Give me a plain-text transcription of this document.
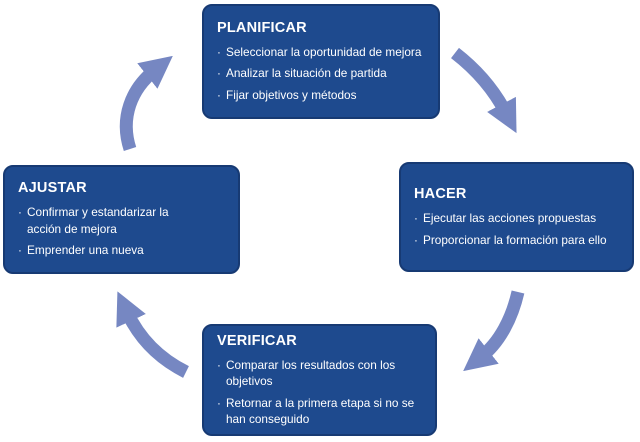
PLANIFICAR
· Seleccionar la oportunidad de mejora
· Analizar la situación de partida
· Fijar objetivos y métodos
HACER
· Ejecutar las acciones propuestas
· Proporcionar la formación para ello
VERIFICAR
· Comparar los resultados con los
objetivos
· Retornar a la primera etapa si no se
han conseguido
AJUSTAR
· Confirmar y estandarizar la
acción de mejora
· Emprender una nueva
